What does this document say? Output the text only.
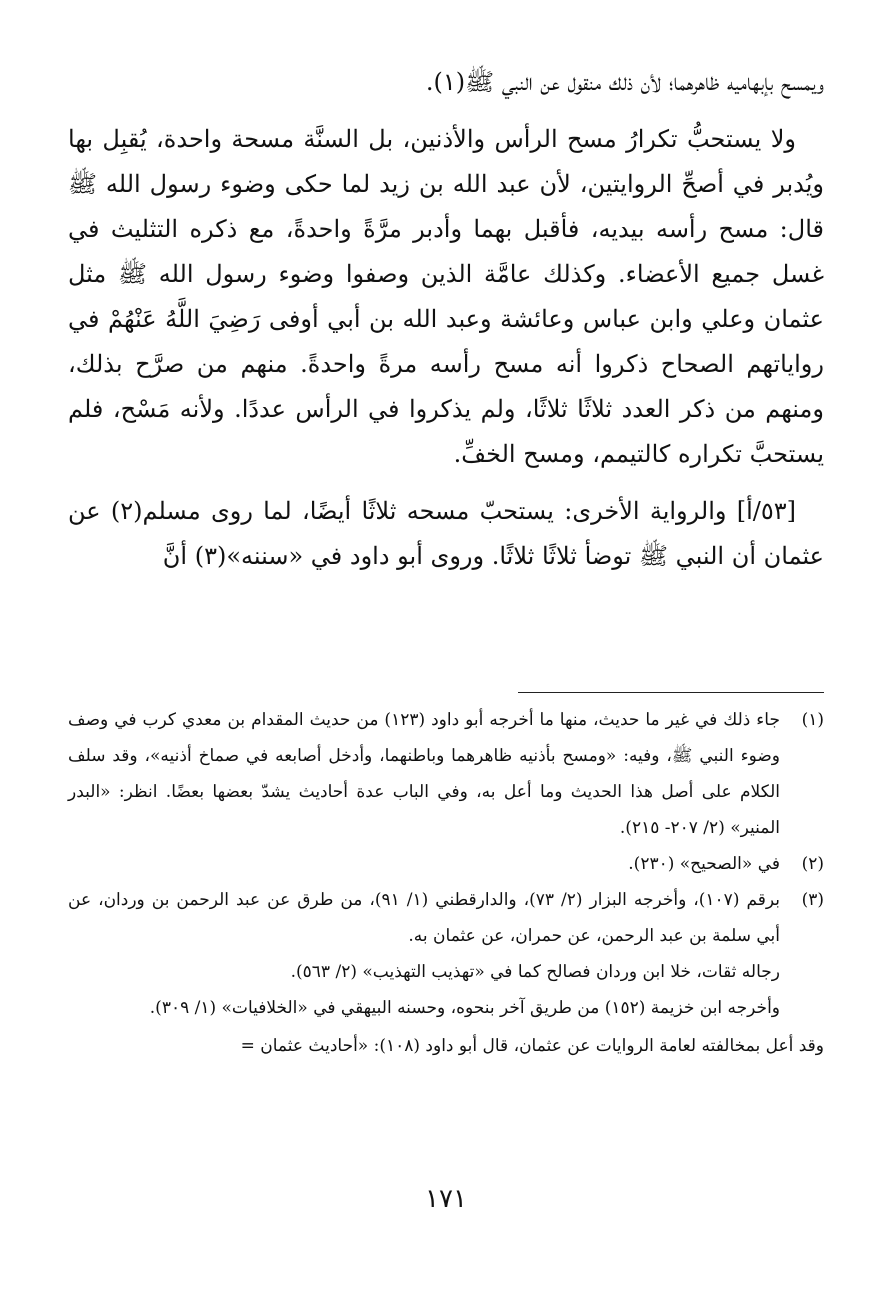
ويمسح بإبهاميه ظاهرهما؛ لأن ذلك منقول عن النبي ﷺ(١).

ولا يستحبُّ تكرارُ مسح الرأس والأذنين، بل السنَّة مسحة واحدة، يُقبِل بها ويُدبر في أصحِّ الروايتين، لأن عبد الله بن زيد لما حكى وضوء رسول الله ﷺ قال: مسح رأسه بيديه، فأقبل بهما وأدبر مرَّةً واحدةً، مع ذكره التثليث في غسل جميع الأعضاء. وكذلك عامَّة الذين وصفوا وضوء رسول الله ﷺ مثل عثمان وعلي وابن عباس وعائشة وعبد الله بن أبي أوفى رَضِيَ اللَّهُ عَنْهُمْ في رواياتهم الصحاح ذكروا أنه مسح رأسه مرةً واحدةً. منهم من صرَّح بذلك، ومنهم من ذكر العدد ثلاثًا ثلاثًا، ولم يذكروا في الرأس عددًا. ولأنه مَسْح، فلم يستحبَّ تكراره كالتيمم، ومسح الخفِّ.

[٥٣/أ] والرواية الأخرى: يستحبّ مسحه ثلاثًا أيضًا، لما روى مسلم(٢) عن عثمان أن النبي ﷺ توضأ ثلاثًا ثلاثًا. وروى أبو داود في «سننه»(٣) أنَّ

(١)
جاء ذلك في غير ما حديث، منها ما أخرجه أبو داود (١٢٣) من حديث المقدام بن معدي كرب في وصف وضوء النبي ﷺ، وفيه: «ومسح بأذنيه ظاهرهما وباطنهما، وأدخل أصابعه في صماخ أذنيه»، وقد سلف الكلام على أصل هذا الحديث وما أعل به، وفي الباب عدة أحاديث يشدّ بعضها بعضًا. انظر: «البدر المنير» (٢/ ٢٠٧- ٢١٥).
(٢)
في «الصحيح» (٢٣٠).
(٣)
برقم (١٠٧)، وأخرجه البزار (٢/ ٧٣)، والدارقطني (١/ ٩١)، من طرق عن عبد الرحمن بن وردان، عن أبي سلمة بن عبد الرحمن، عن حمران، عن عثمان به.
رجاله ثقات، خلا ابن وردان فصالح كما في «تهذيب التهذيب» (٢/ ٥٦٣).
وأخرجه ابن خزيمة (١٥٢) من طريق آخر بنحوه، وحسنه البيهقي في «الخلافيات» (١/ ٣٠٩).
وقد أعل بمخالفته لعامة الروايات عن عثمان، قال أبو داود (١٠٨): «أحاديث عثمان =
١٧١
